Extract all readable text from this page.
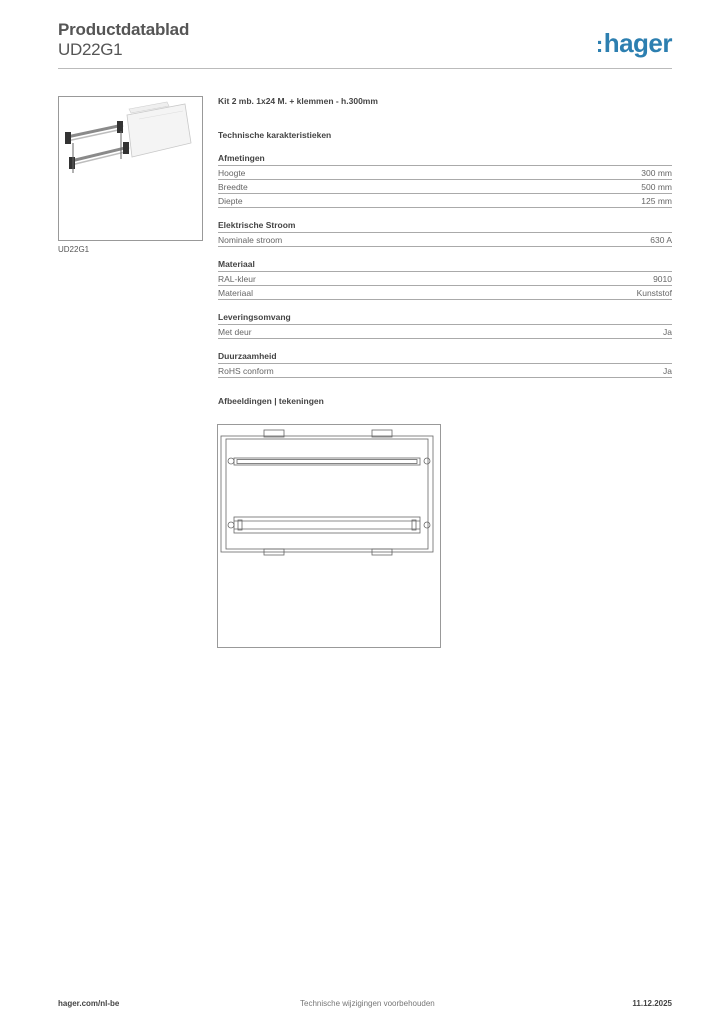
Productdatablad
UD22G1	:hager
UD22G1
Kit 2 mb. 1x24 M. + klemmen - h.300mm
Technische karakteristieken
Afmetingen
Hoogte	300 mm
Breedte	500 mm
Diepte	125 mm
Elektrische Stroom
Nominale stroom	630 A
Materiaal
RAL-kleur	9010
Materiaal	Kunststof
Leveringsomvang
Met deur	Ja
Duurzaamheid
RoHS conform	Ja
Afbeeldingen | tekeningen
hager.com/nl-be	Technische wijzigingen voorbehouden	11.12.2025
